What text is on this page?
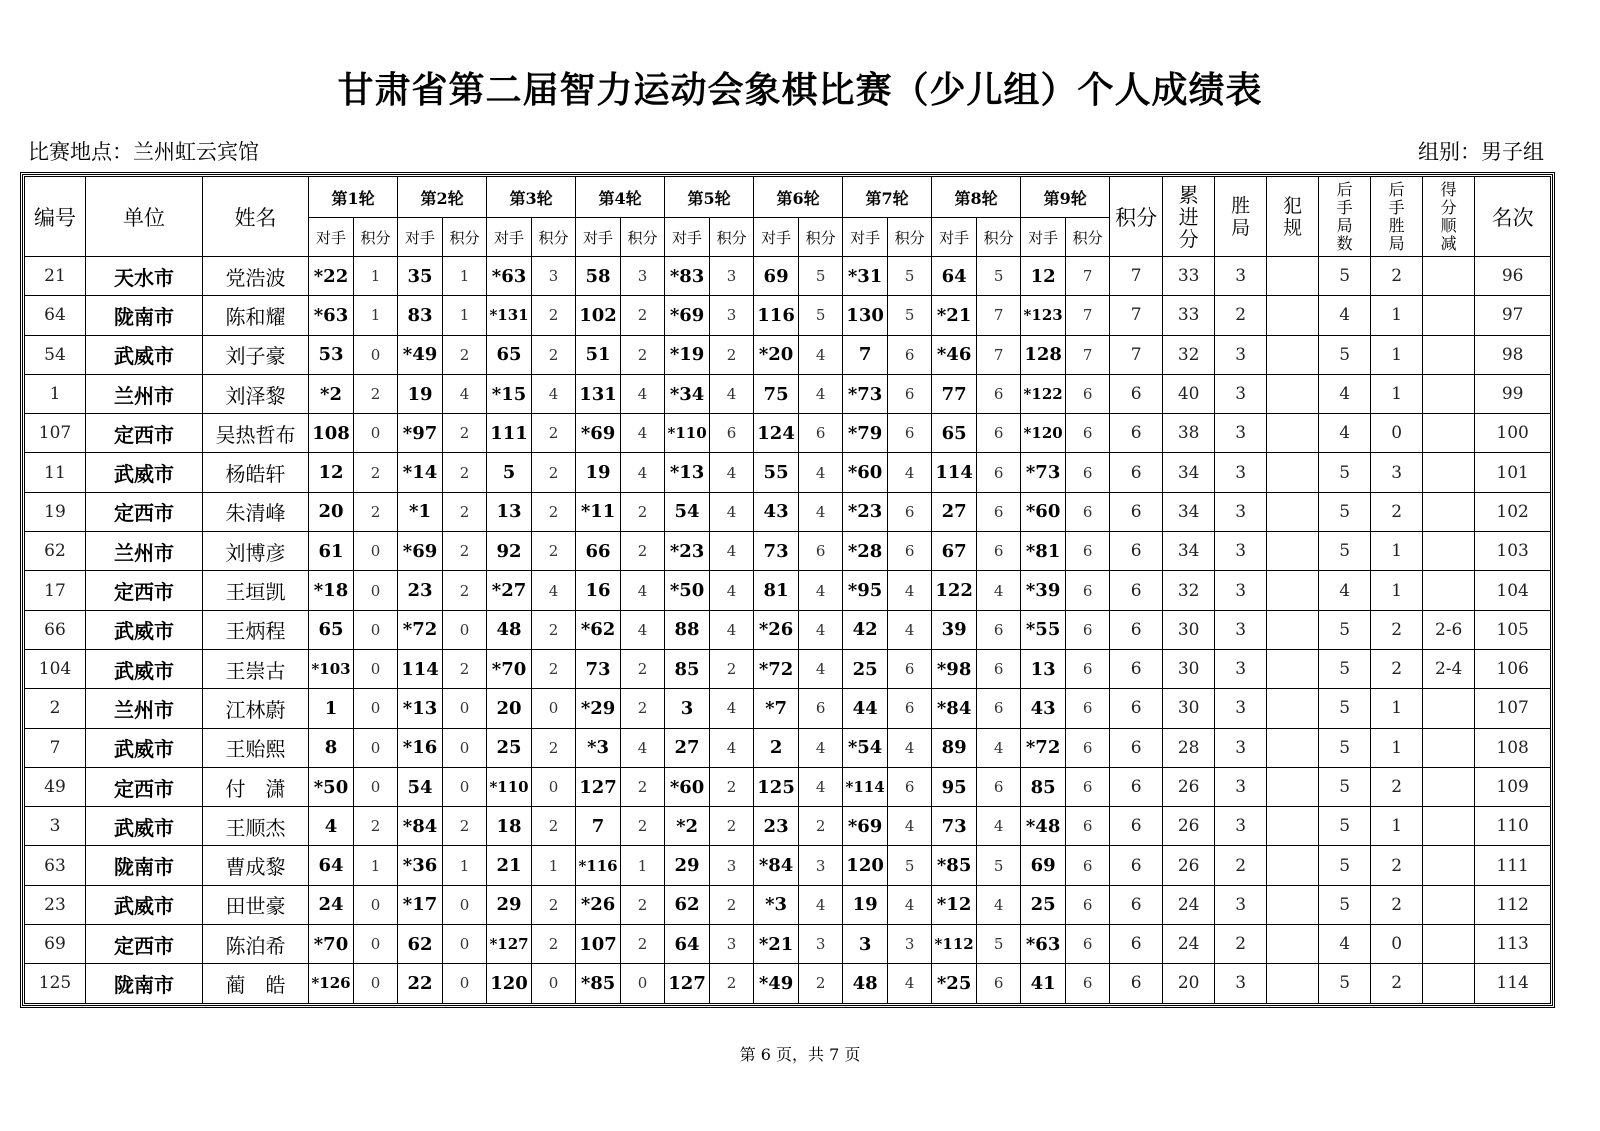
甘肃省第二届智力运动会象棋比赛（少儿组）个人成绩表
比赛地点：兰州虹云宾馆	组别：男子组
编号	单位	姓名	第1轮		第2轮		第3轮		第4轮		第5轮		第6轮		第7轮		第8轮		第9轮		积分	累进分	胜局	犯规	后手局数	后手胜局	得分顺减	名次
			对手	积分	对手	积分	对手	积分	对手	积分	对手	积分	对手	积分	对手	积分	对手	积分	对手	积分								
21	天水市	党浩波	*22	1	35	1	*63	3	58	3	*83	3	69	5	*31	5	64	5	12	7	7	33	3		5	2		96
64	陇南市	陈和耀	*63	1	83	1	*131	2	102	2	*69	3	116	5	130	5	*21	7	*123	7	7	33	2		4	1		97
54	武威市	刘子豪	53	0	*49	2	65	2	51	2	*19	2	*20	4	7	6	*46	7	128	7	7	32	3		5	1		98
1	兰州市	刘泽黎	*2	2	19	4	*15	4	131	4	*34	4	75	4	*73	6	77	6	*122	6	6	40	3		4	1		99
107	定西市	吴热哲布	108	0	*97	2	111	2	*69	4	*110	6	124	6	*79	6	65	6	*120	6	6	38	3		4	0		100
11	武威市	杨皓轩	12	2	*14	2	5	2	19	4	*13	4	55	4	*60	4	114	6	*73	6	6	34	3		5	3		101
19	定西市	朱清峰	20	2	*1	2	13	2	*11	2	54	4	43	4	*23	6	27	6	*60	6	6	34	3		5	2		102
62	兰州市	刘博彦	61	0	*69	2	92	2	66	2	*23	4	73	6	*28	6	67	6	*81	6	6	34	3		5	1		103
17	定西市	王垣凯	*18	0	23	2	*27	4	16	4	*50	4	81	4	*95	4	122	4	*39	6	6	32	3		4	1		104
66	武威市	王炳程	65	0	*72	0	48	2	*62	4	88	4	*26	4	42	4	39	6	*55	6	6	30	3		5	2	2-6	105
104	武威市	王崇古	*103	0	114	2	*70	2	73	2	85	2	*72	4	25	6	*98	6	13	6	6	30	3		5	2	2-4	106
2	兰州市	江林蔚	1	0	*13	0	20	0	*29	2	3	4	*7	6	44	6	*84	6	43	6	6	30	3		5	1		107
7	武威市	王贻熙	8	0	*16	0	25	2	*3	4	27	4	2	4	*54	4	89	4	*72	6	6	28	3		5	1		108
49	定西市	付　潇	*50	0	54	0	*110	0	127	2	*60	2	125	4	*114	6	95	6	85	6	6	26	3		5	2		109
3	武威市	王顺杰	4	2	*84	2	18	2	7	2	*2	2	23	2	*69	4	73	4	*48	6	6	26	3		5	1		110
63	陇南市	曹成黎	64	1	*36	1	21	1	*116	1	29	3	*84	3	120	5	*85	5	69	6	6	26	2		5	2		111
23	武威市	田世豪	24	0	*17	0	29	2	*26	2	62	2	*3	4	19	4	*12	4	25	6	6	24	3		5	2		112
69	定西市	陈泊希	*70	0	62	0	*127	2	107	2	64	3	*21	3	3	3	*112	5	*63	6	6	24	2		4	0		113
125	陇南市	蔺　皓	*126	0	22	0	120	0	*85	0	127	2	*49	2	48	4	*25	6	41	6	6	20	3		5	2		114
第 6 页，共 7 页
